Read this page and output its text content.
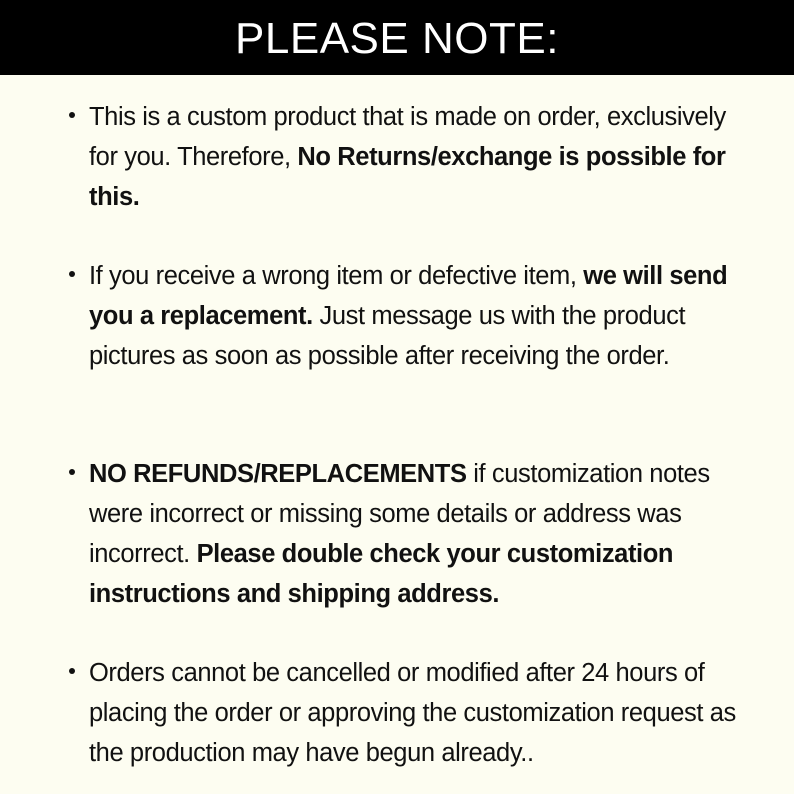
PLEASE NOTE:
This is a custom product that is made on order, exclusively for you. Therefore, No Returns/exchange is possible for this.
If you receive a wrong item or defective item, we will send you a replacement. Just message us with the product pictures as soon as possible after receiving the order.
NO REFUNDS/REPLACEMENTS if customization notes were incorrect or missing some details or address was incorrect. Please double check your customization instructions and shipping address.
Orders cannot be cancelled or modified after 24 hours of placing the order or approving the customization request as the production may have begun already..
